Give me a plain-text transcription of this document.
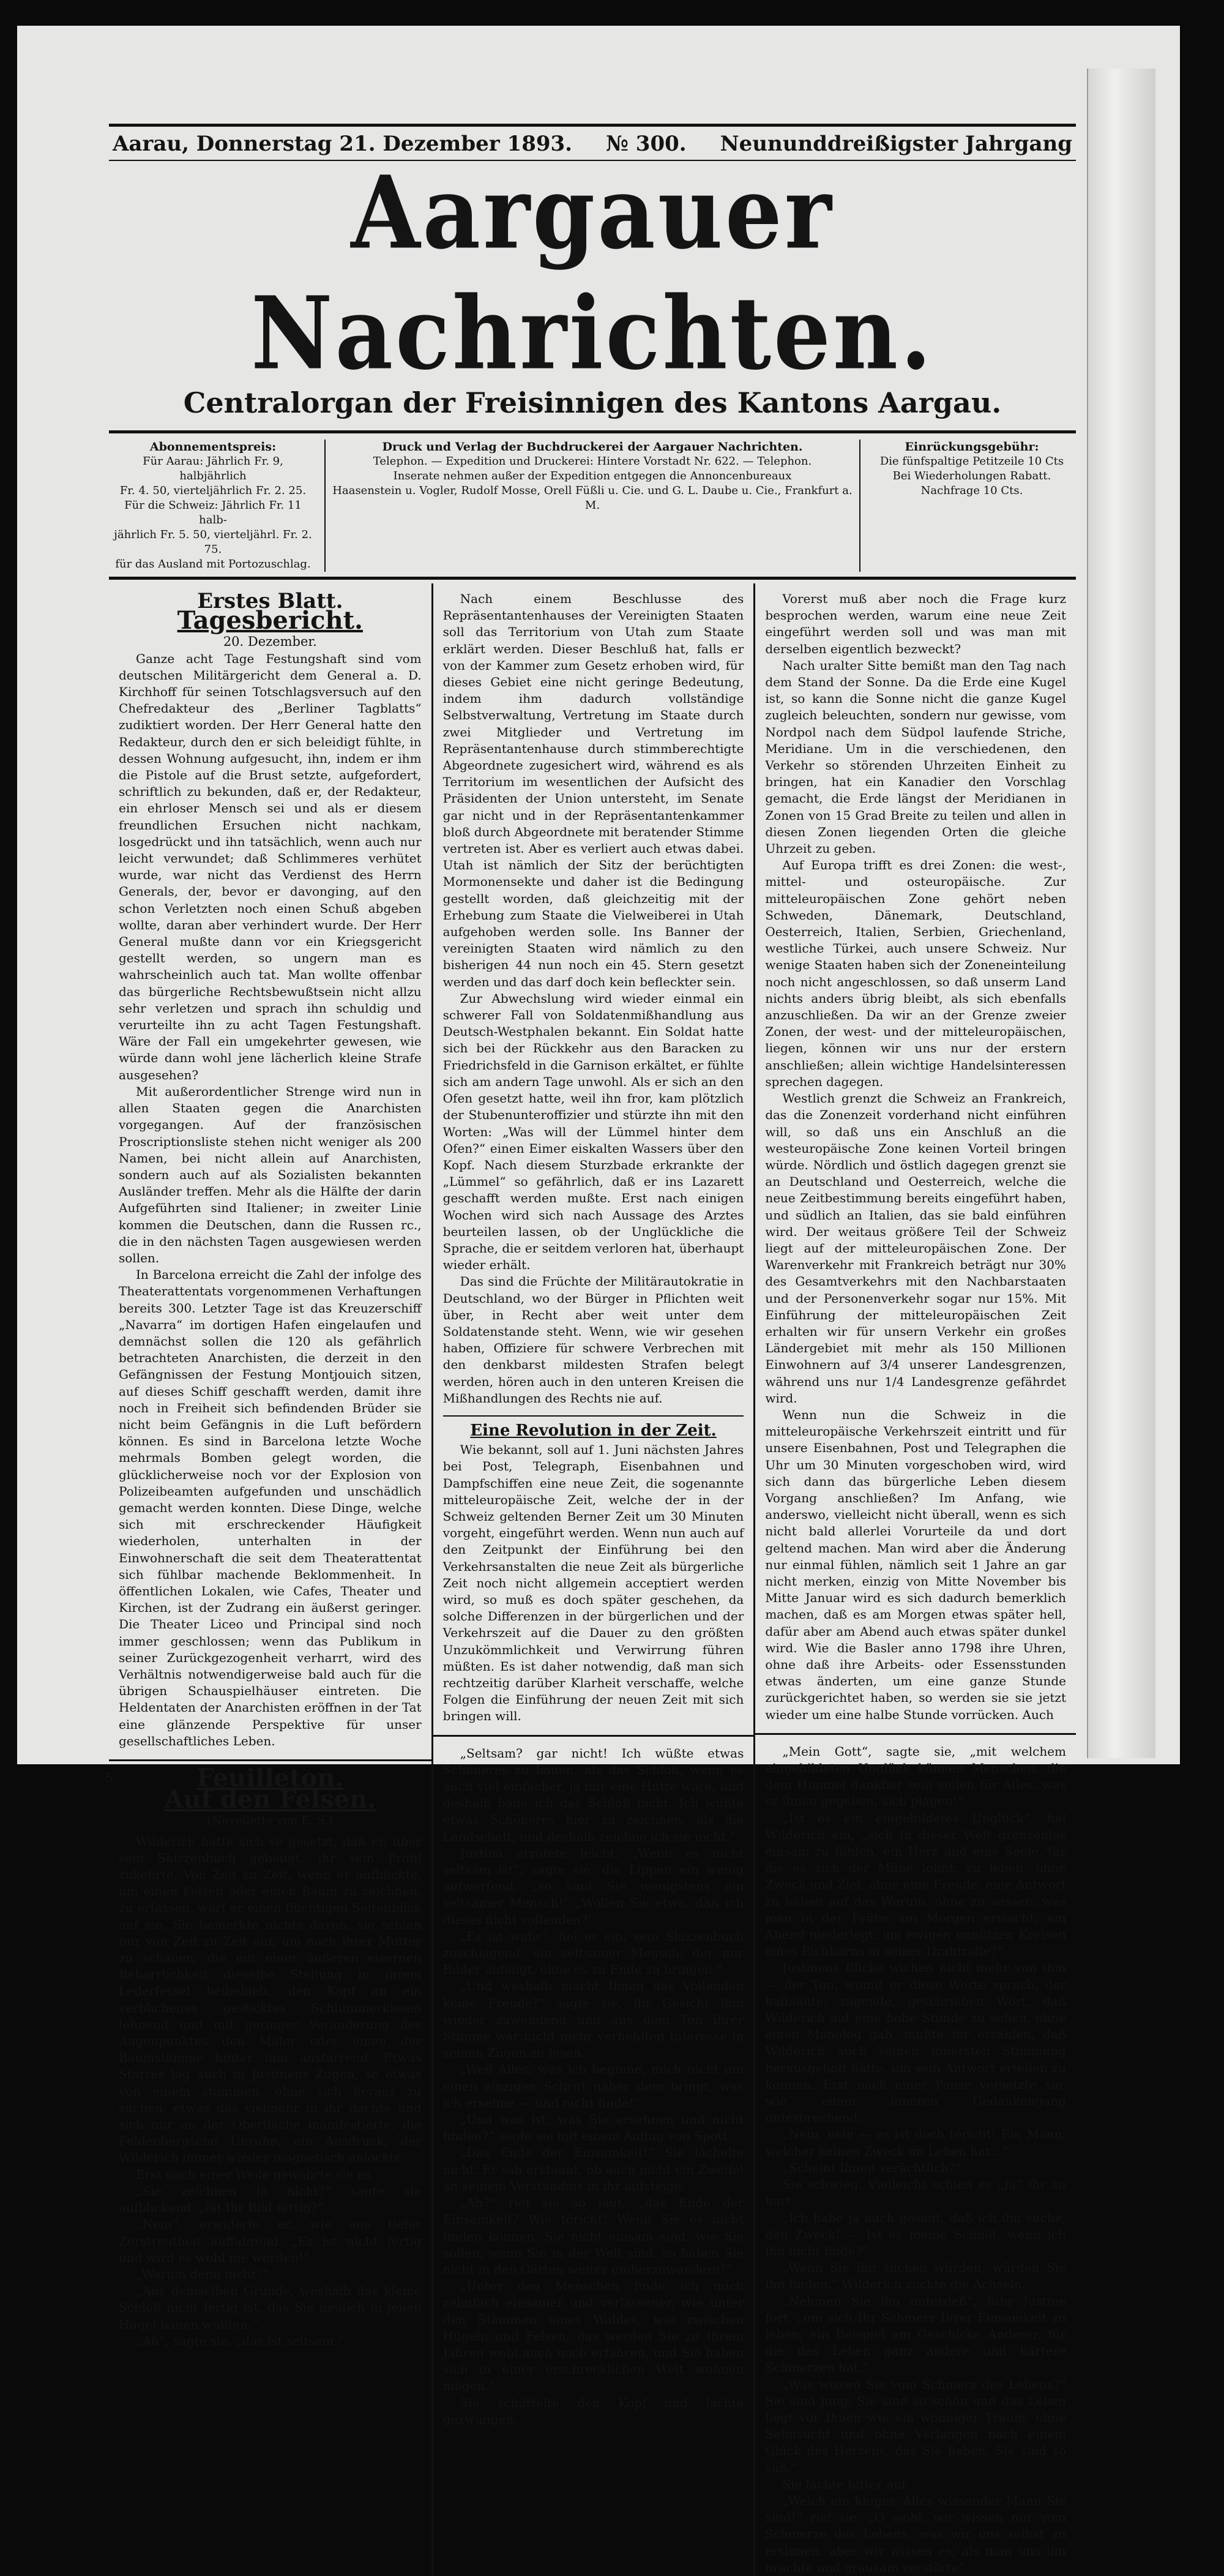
Aarau, Donnerstag 21. Dezember 1893. № 300. Neununddreißigster Jahrgang
Aargauer Nachrichten.
Centralorgan der Freisinnigen des Kantons Aargau.
Abonnementspreis:
Für Aarau: Jährlich Fr. 9, halbjährlich
Fr. 4. 50, vierteljährlich Fr. 2. 25.
Für die Schweiz: Jährlich Fr. 11 halb-
jährlich Fr. 5. 50, vierteljährl. Fr. 2. 75.
für das Ausland mit Portozuschlag.
Druck und Verlag der Buchdruckerei der Aargauer Nachrichten.
Telephon. — Expedition und Druckerei: Hintere Vorstadt Nr. 622. — Telephon.
Inserate nehmen außer der Expedition entgegen die Annoncenbureaux
Haasenstein u. Vogler, Rudolf Mosse, Orell Füßli u. Cie. und G. L. Daube u. Cie., Frankfurt a. M.
Einrückungsgebühr:
Die fünfspaltige Petitzeile 10 Cts
Bei Wiederholungen Rabatt.
Nachfrage 10 Cts.
Erstes Blatt.
Tagesbericht.
20. Dezember.

Ganze acht Tage Festungshaft sind vom deutschen Militärgericht dem General a. D. Kirchhoff für seinen Totschlagsversuch auf den Chefredakteur des „Berliner Tagblatts“ zudiktiert worden. Der Herr General hatte den Redakteur, durch den er sich beleidigt fühlte, in dessen Wohnung aufgesucht, ihn, indem er ihm die Pistole auf die Brust setzte, aufgefordert, schriftlich zu bekunden, daß er, der Redakteur, ein ehrloser Mensch sei und als er diesem freundlichen Ersuchen nicht nachkam, losgedrückt und ihn tatsächlich, wenn auch nur leicht verwundet; daß Schlimmeres verhütet wurde, war nicht das Verdienst des Herrn Generals, der, bevor er davonging, auf den schon Verletzten noch einen Schuß abgeben wollte, daran aber verhindert wurde. Der Herr General mußte dann vor ein Kriegsgericht gestellt werden, so ungern man es wahrscheinlich auch tat. Man wollte offenbar das bürgerliche Rechtsbewußtsein nicht allzu sehr verletzen und sprach ihn schuldig und verurteilte ihn zu acht Tagen Festungshaft. Wäre der Fall ein umgekehrter gewesen, wie würde dann wohl jene lächerlich kleine Strafe ausgesehen?

Mit außerordentlicher Strenge wird nun in allen Staaten gegen die Anarchisten vorgegangen. Auf der französischen Proscriptionsliste stehen nicht weniger als 200 Namen, bei nicht allein auf Anarchisten, sondern auch auf als Sozialisten bekannten Ausländer treffen. Mehr als die Hälfte der darin Aufgeführten sind Italiener; in zweiter Linie kommen die Deutschen, dann die Russen rc., die in den nächsten Tagen ausgewiesen werden sollen.

In Barcelona erreicht die Zahl der infolge des Theaterattentats vorgenommenen Verhaftungen bereits 300. Letzter Tage ist das Kreuzerschiff „Navarra“ im dortigen Hafen eingelaufen und demnächst sollen die 120 als gefährlich betrachteten Anarchisten, die derzeit in den Gefängnissen der Festung Montjouich sitzen, auf dieses Schiff geschafft werden, damit ihre noch in Freiheit sich befindenden Brüder sie nicht beim Gefängnis in die Luft befördern können. Es sind in Barcelona letzte Woche mehrmals Bomben gelegt worden, die glücklicherweise noch vor der Explosion von Polizeibeamten aufgefunden und unschädlich gemacht werden konnten. Diese Dinge, welche sich mit erschreckender Häufigkeit wiederholen, unterhalten in der Einwohnerschaft die seit dem Theaterattentat sich fühlbar machende Beklommenheit. In öffentlichen Lokalen, wie Cafes, Theater und Kirchen, ist der Zudrang ein äußerst geringer. Die Theater Liceo und Principal sind noch immer geschlossen; wenn das Publikum in seiner Zurückgezogenheit verharrt, wird des Verhältnis notwendigerweise bald auch für die übrigen Schauspielhäuser eintreten. Die Heldentaten der Anarchisten eröffnen in der Tat eine glänzende Perspektive für unser gesellschaftliches Leben.

5	Feuilleton.
Auf den Felsen.
(Novellette von E. S.)

Wilderich hatte sich so gesetzt, daß er, über sein Skizzenbuch gebeugt, ihr sein Profil zukehrte. Von Zeit zu Zeit, wenn er aufblickte, um einen Felsen oder einen Baum zu zeichnen, zu erfassen, warf er einen flüchtigen Seitenblick auf sie. Sie bemerkte nichts davon, sie schien nur von Zeit zu Zeit auf, um nach ihrer Mutter zu schauen, die mit einer äußeren eisernen Beharrlichkeit dieselbe Stellung in ihrem Lederfessel beibehielt, den Kopf an ein verblichenes gesticktes Schlummerkissen lehnend und mit geringer Veränderung des Augenpunktes den Maler oder einen der Baumstämme hinter ihm anstarrend. Etwas Starres lag auch in Justinens Zügen, so etwas von einem stummen, ohne sich heraus zu suchen, etwas das vielmehr in ihr dachte und sich nur an der Oberfläche manifestierte, die Feldenbergsche Unruhe, ein Ausdruck, der Wilderich immer wieder magnetisch anlockte.

Erst nach einer Weile gewahrte sie es.

„Sie zeichnen ja nicht?“ sagte sie aufblickend. „Ist Ihr Bild fertig?“

„Nein“, erwiderte er, wie aus tiefer Zerstreutheit auffahrend. „Es ist nicht fertig und wird es wohl nie werden!“

„Warum denn nicht?“

„Aus demselben Grunde, weshalb das kleine Schloß nicht fertig ist, das Sie neulich in jenen Hügel bauen wollten.“

„Ah“, sagte sie, „das ist seltsam.“

Nach einem Beschlusse des Repräsentantenhauses der Vereinigten Staaten soll das Territorium von Utah zum Staate erklärt werden. Dieser Beschluß hat, falls er von der Kammer zum Gesetz erhoben wird, für dieses Gebiet eine nicht geringe Bedeutung, indem ihm dadurch vollständige Selbstverwaltung, Vertretung im Staate durch zwei Mitglieder und Vertretung im Repräsentantenhause durch stimmberechtigte Abgeordnete zugesichert wird, während es als Territorium im wesentlichen der Aufsicht des Präsidenten der Union untersteht, im Senate gar nicht und in der Repräsentantenkammer bloß durch Abgeordnete mit beratender Stimme vertreten ist. Aber es verliert auch etwas dabei. Utah ist nämlich der Sitz der berüchtigten Mormonensekte und daher ist die Bedingung gestellt worden, daß gleichzeitig mit der Erhebung zum Staate die Vielweiberei in Utah aufgehoben werden solle. Ins Banner der vereinigten Staaten wird nämlich zu den bisherigen 44 nun noch ein 45. Stern gesetzt werden und das darf doch kein befleckter sein.

Zur Abwechslung wird wieder einmal ein schwerer Fall von Soldatenmißhandlung aus Deutsch-Westphalen bekannt. Ein Soldat hatte sich bei der Rückkehr aus den Baracken zu Friedrichsfeld in die Garnison erkältet, er fühlte sich am andern Tage unwohl. Als er sich an den Ofen gesetzt hatte, weil ihn fror, kam plötzlich der Stubenunteroffizier und stürzte ihn mit den Worten: „Was will der Lümmel hinter dem Ofen?“ einen Eimer eiskalten Wassers über den Kopf. Nach diesem Sturzbade erkrankte der „Lümmel“ so gefährlich, daß er ins Lazarett geschafft werden mußte. Erst nach einigen Wochen wird sich nach Aussage des Arztes beurteilen lassen, ob der Unglückliche die Sprache, die er seitdem verloren hat, überhaupt wieder erhält.

Das sind die Früchte der Militärautokratie in Deutschland, wo der Bürger in Pflichten weit über, in Recht aber weit unter dem Soldatenstande steht. Wenn, wie wir gesehen haben, Offiziere für schwere Verbrechen mit den denkbarst mildesten Strafen belegt werden, hören auch in den unteren Kreisen die Mißhandlungen des Rechts nie auf.

Eine Revolution in der Zeit.

Wie bekannt, soll auf 1. Juni nächsten Jahres bei Post, Telegraph, Eisenbahnen und Dampfschiffen eine neue Zeit, die sogenannte mitteleuropäische Zeit, welche der in der Schweiz geltenden Berner Zeit um 30 Minuten vorgeht, eingeführt werden. Wenn nun auch auf den Zeitpunkt der Einführung bei den Verkehrsanstalten die neue Zeit als bürgerliche Zeit noch nicht allgemein acceptiert werden wird, so muß es doch später geschehen, da solche Differenzen in der bürgerlichen und der Verkehrszeit auf die Dauer zu den größten Unzukömmlichkeit und Verwirrung führen müßten. Es ist daher notwendig, daß man sich rechtzeitig darüber Klarheit verschaffe, welche Folgen die Einführung der neuen Zeit mit sich bringen will.

„Seltsam? gar nicht! Ich wüßte etwas Schöneres zu bauen, als das Schloß, wenn es auch viel einfacher, ja nur eine Hütte wäre, und deshalb baue ich das Schloß nicht. Ich wüßte etwas Schöneres hier zu zeichnen, als die Landschaft, und deshalb zeichne ich sie nicht.“

Justina errötete leicht. „Wenn es nicht seltsam ist“, sagte sie, die Lippen ein wenig aufwerfend, „so sind Sie wenigstens ein seltsamer Mensch!“ „Wollen Sie etwa, daß ich dieses nicht vollenden?“

„Es ist wahr“, fiel er ein, sein Skizzenbuch zuschlagend, ein seltsamer Mensch, der nur Bilder anfängt, ohne es zu Ende zu bringen.“

„Und weshalb macht Ihnen das Vollenden keine Freude?“ sagte sie, ihr Gesicht ihm wieder zuwendend und aus dem Ton ihrer Stimme war nicht mehr verhehlten Interesse in seinen Zügen zu lesen.

„Weil Alles, was ich beginne, mich nicht um einen einzigen Schritt näher dem bringt, was ich ersehne — und nicht finde!“

„Und was ist, was Sie ersehnen und nicht finden?“ sagte sie mit einem Anflug von Spott.

„Das Ende der Einsamkeit!“ Sie lächelte nicht. Er sah erstaunt, ob auch nicht ein Zweifel an seinem Verständnis in ihr aufsteige.

„Ah?“ rief sie so laut, „das Ende der Einsamkeit? Wie töricht! Wenn Sie es nicht finden können, Sie nicht einsam sind, wie Sie sollen, wenn Sie in der Welt sind, so haben Sie nicht in den Gärten weiter umherzuwandern!“

„Unter den Menschen finde ich mich zehnfach einsamer und verlassener, wie unter den Stämmen eines Waldes, wie zwischen Hügeln und Felsen; das werden Sie zu Ihrem Jahren wohl auch noch erfahren, und Sie haben sich in einer erschrecklichen Welt wohnen mögen.“

Sie schüttelte den Kopf und lachte gezwungen.

Vorerst muß aber noch die Frage kurz besprochen werden, warum eine neue Zeit eingeführt werden soll und was man mit derselben eigentlich bezweckt?

Nach uralter Sitte bemißt man den Tag nach dem Stand der Sonne. Da die Erde eine Kugel ist, so kann die Sonne nicht die ganze Kugel zugleich beleuchten, sondern nur gewisse, vom Nordpol nach dem Südpol laufende Striche, Meridiane. Um in die verschiedenen, den Verkehr so störenden Uhrzeiten Einheit zu bringen, hat ein Kanadier den Vorschlag gemacht, die Erde längst der Meridianen in Zonen von 15 Grad Breite zu teilen und allen in diesen Zonen liegenden Orten die gleiche Uhrzeit zu geben.

Auf Europa trifft es drei Zonen: die west-, mittel- und osteuropäische. Zur mitteleuropäischen Zone gehört neben Schweden, Dänemark, Deutschland, Oesterreich, Italien, Serbien, Griechenland, westliche Türkei, auch unsere Schweiz. Nur wenige Staaten haben sich der Zoneneinteilung noch nicht angeschlossen, so daß unserm Land nichts anders übrig bleibt, als sich ebenfalls anzuschließen. Da wir an der Grenze zweier Zonen, der west- und der mitteleuropäischen, liegen, können wir uns nur der erstern anschließen; allein wichtige Handelsinteressen sprechen dagegen.

Westlich grenzt die Schweiz an Frankreich, das die Zonenzeit vorderhand nicht einführen will, so daß uns ein Anschluß an die westeuropäische Zone keinen Vorteil bringen würde. Nördlich und östlich dagegen grenzt sie an Deutschland und Oesterreich, welche die neue Zeitbestimmung bereits eingeführt haben, und südlich an Italien, das sie bald einführen wird. Der weitaus größere Teil der Schweiz liegt auf der mitteleuropäischen Zone. Der Warenverkehr mit Frankreich beträgt nur 30% des Gesamtverkehrs mit den Nachbarstaaten und der Personenverkehr sogar nur 15%. Mit Einführung der mitteleuropäischen Zeit erhalten wir für unsern Verkehr ein großes Ländergebiet mit mehr als 150 Millionen Einwohnern auf 3/4 unserer Landesgrenzen, während uns nur 1/4 Landesgrenze gefährdet wird.

Wenn nun die Schweiz in die mitteleuropäische Verkehrszeit eintritt und für unsere Eisenbahnen, Post und Telegraphen die Uhr um 30 Minuten vorgeschoben wird, wird sich dann das bürgerliche Leben diesem Vorgang anschließen? Im Anfang, wie anderswo, vielleicht nicht überall, wenn es sich nicht bald allerlei Vorurteile da und dort geltend machen. Man wird aber die Änderung nur einmal fühlen, nämlich seit 1 Jahre an gar nicht merken, einzig von Mitte November bis Mitte Januar wird es sich dadurch bemerklich machen, daß es am Morgen etwas später hell, dafür aber am Abend auch etwas später dunkel wird. Wie die Basler anno 1798 ihre Uhren, ohne daß ihre Arbeits- oder Essensstunden etwas änderten, um eine ganze Stunde zurückgerichtet haben, so werden sie sie jetzt wieder um eine halbe Stunde vorrücken. Auch

„Mein Gott“, sagte sie, „mit welchem eingebildeten Unglück können Menschen, die dem Himmel dankbar sein sollen für Alles, was er ihnen gegeben, sich plagen!“

„Ist es ein eingebildetes Unglück“, fiel Wilderich ein, „sich in dieser Welt grenzenlos einsam zu fühlen, ein Herz und eine Seele, für die es sich der Mühe lohnt, zu leben, ohne Zweck und Ziel, ohne eine Freude, eine Antwort zu haben auf das Warum, ohne zu wissen, was man in der Frühe am Morgen erwacht, am Abend niederlegt, um ewigen unnützen Kreisen eines Eichhorns in seiner Drahtrolle?“

Justinens Blicke wichen nicht mehr von ihm — der Ton, womit er diese Worte sprach, der halblaute, zagende, geschrieben Wort, daß Wilderich auf eine hohe Stunde zu sehen, ohne einen Monolog gab, mußte ihr erzählen, daß Wilderich auch seinen innersten Stimmung herausgeholt hätte, um sein Antwort erteilen zu können. Erst nach einer Pause versetzte sie, wie einen inneren Gedankengang unterbrechend:

„Nein, nein — es ist doch töricht! Ein Mann, welcher keinen Zweck im Leben hat...“

„Scheint Ihnen verächtlich?“

Sie schwieg. Vielleicht schien es „Ja“ ihr zu hart.

„Ich habe ja auch gesagt, daß ich ihn suche, den Zweck! — Ist es meine Schuld, wenn ich ihn nicht finde?“

„Wenn Sie ihn suchen würden, würden Sie ihn finden.“ Wilderich zuckte die Achseln.

„Nehmen Sie ihn unterdeß“, fuhr Justine fort, „um sich Ihr Schmerz Ihrer Einsamkeit zu leben, ein Beispiel am Geschicke Anderer, für die das Leben ganz andere und härtere Schmerzen hat.“

„Was wissen Sie vom Schmerz des Lebens?“ Sie sind jung, Sie sind so schön und das Leben liegt vor Ihnen wie ein wonniger Traum, ohne Sehnsucht und ohne Verlangen nach einem Glück des Herzens, das Sie haben, Sie sind so süß.“

Sie lachte bitter auf.

„Welch ein kluger, Alles wissender Mann Sie sind!“ rief sie. „O wohl, wir wissen nur vom Schmerze des Lebens, was wir uns selbst zu ersinnen, aber wir wissen es, als man uns ihn brachte und grausam zerstörte“
